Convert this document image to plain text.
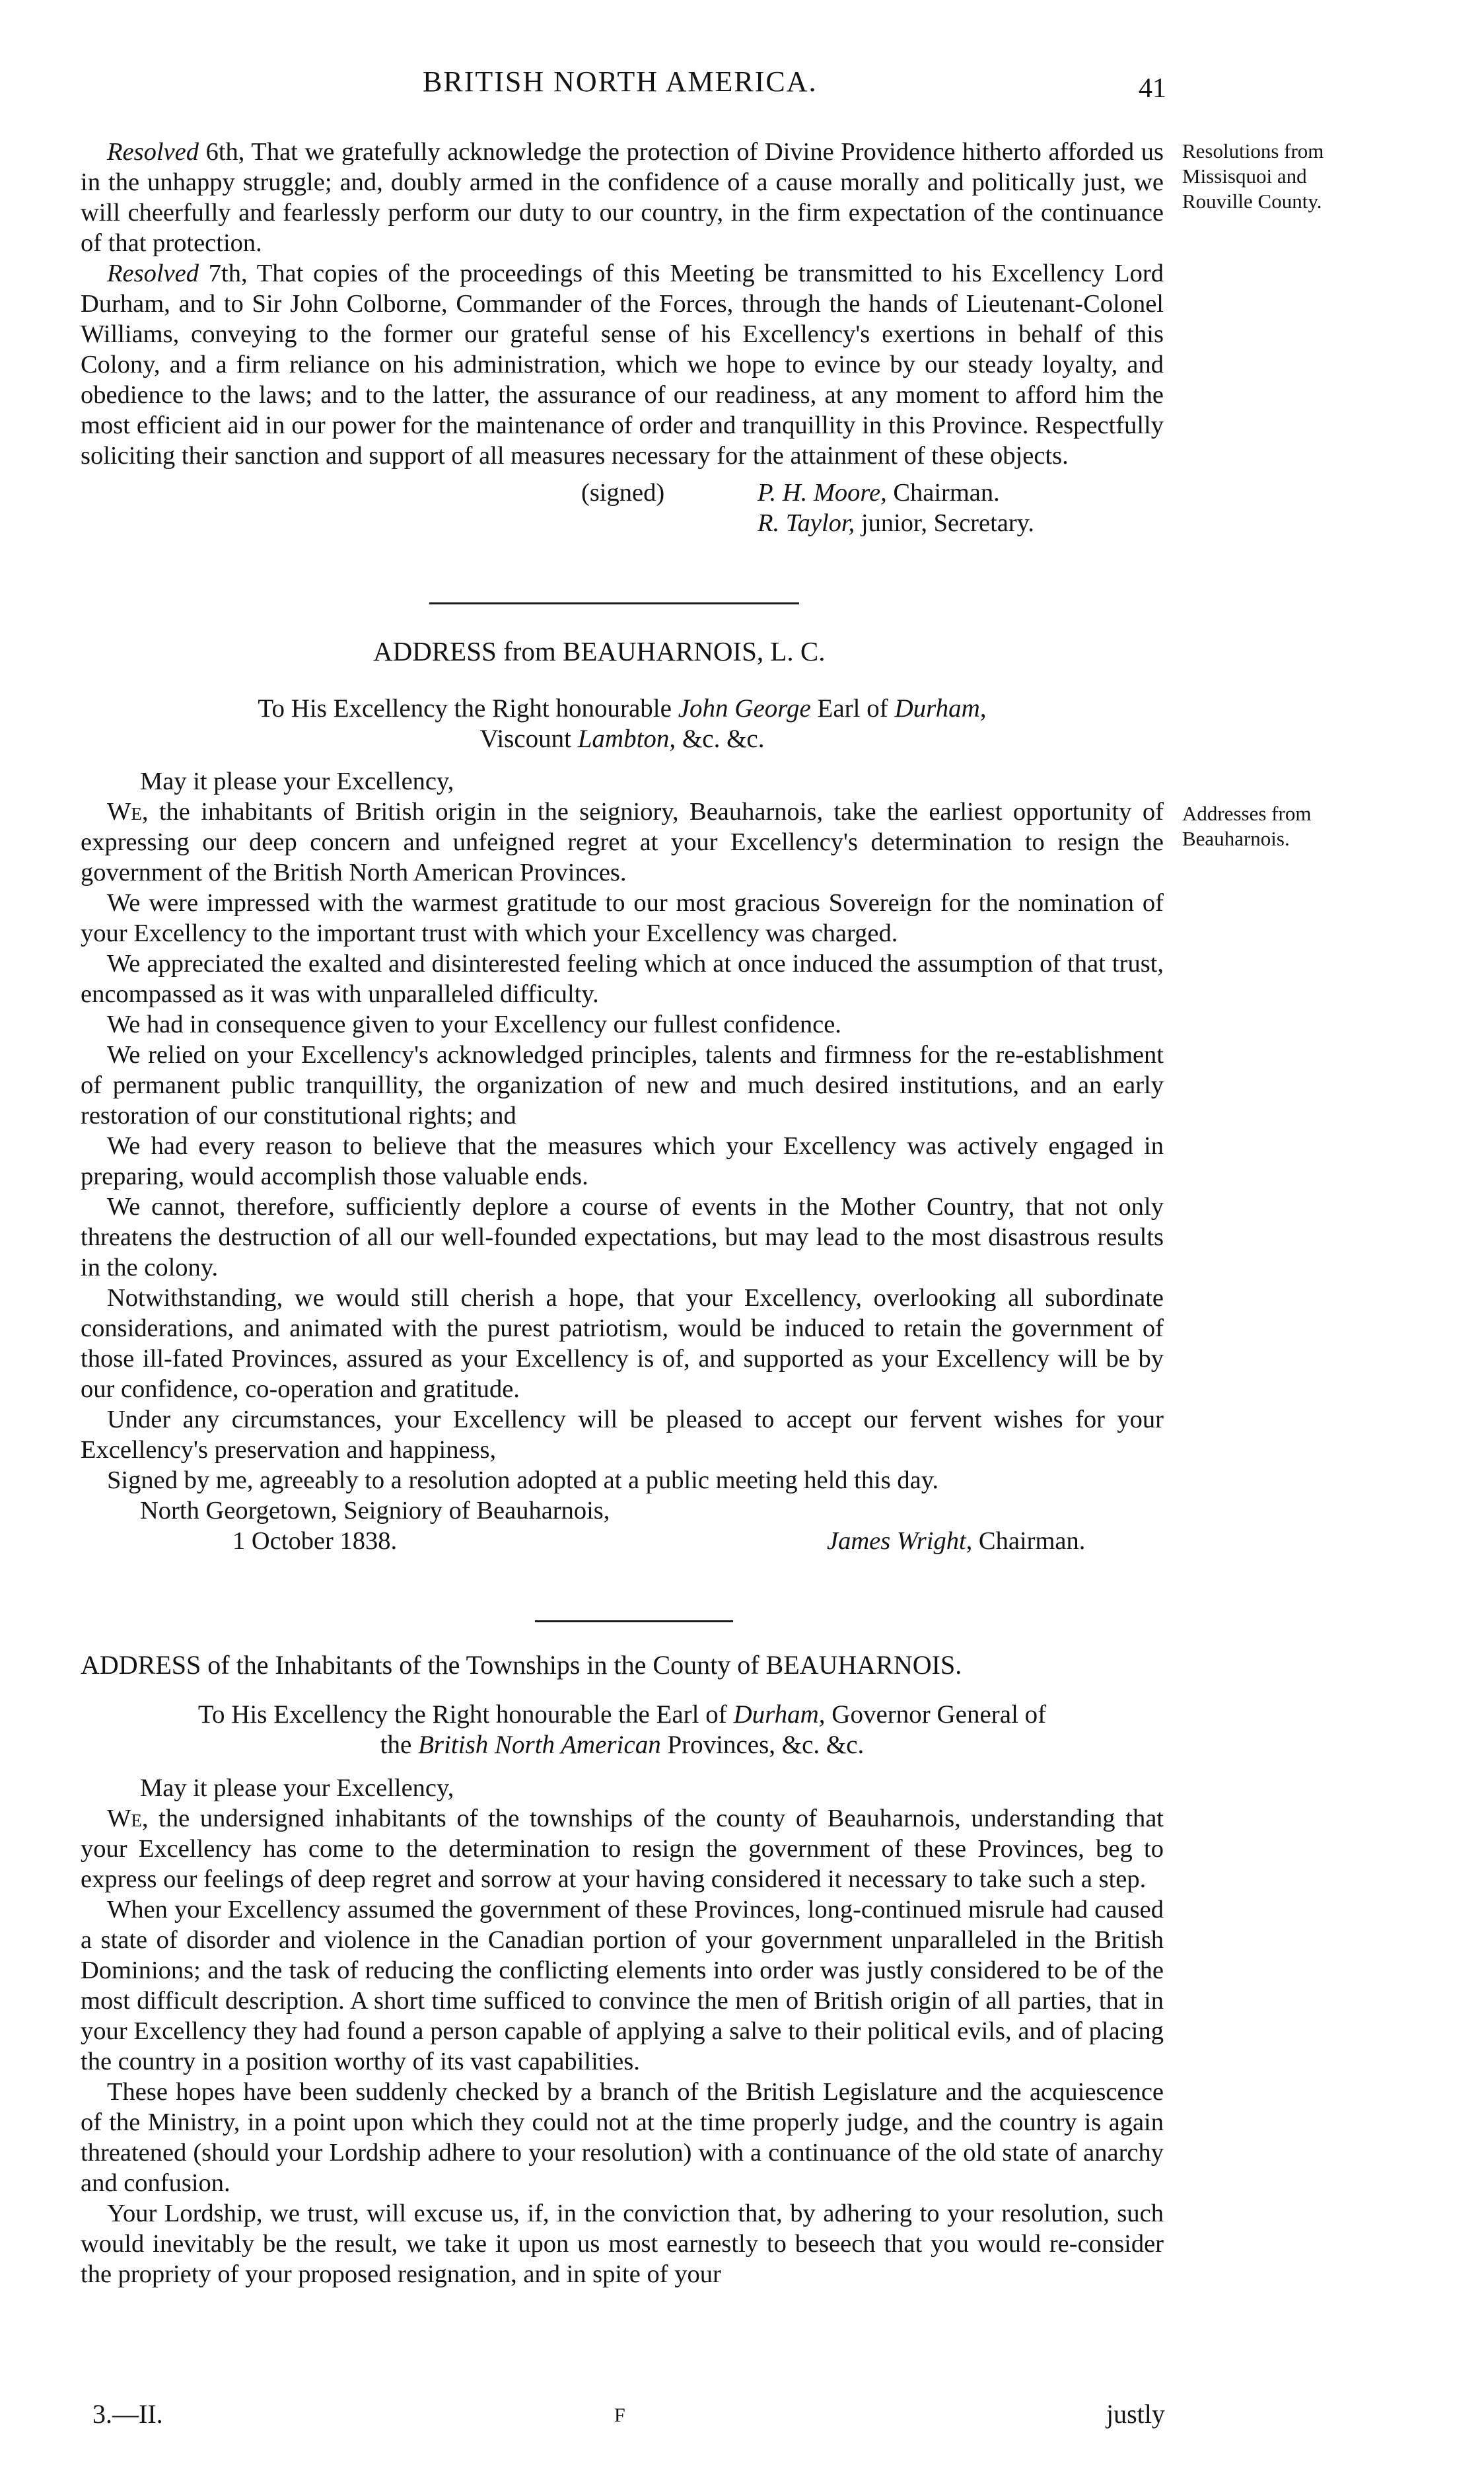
BRITISH NORTH AMERICA.	41
Resolutions from
Missisquoi and
Rouville County.
Addresses from
Beauharnois.

Resolved 6th, That we gratefully acknowledge the protection of Divine Providence hitherto afforded us in the unhappy struggle; and, doubly armed in the confidence of a cause morally and politically just, we will cheerfully and fearlessly perform our duty to our country, in the firm expectation of the continuance of that protection.

Resolved 7th, That copies of the proceedings of this Meeting be transmitted to his Excellency Lord Durham, and to Sir John Colborne, Commander of the Forces, through the hands of Lieutenant-Colonel Williams, conveying to the former our grateful sense of his Excellency's exertions in behalf of this Colony, and a firm reliance on his administration, which we hope to evince by our steady loyalty, and obedience to the laws; and to the latter, the assurance of our readiness, at any moment to afford him the most efficient aid in our power for the maintenance of order and tranquillity in this Province. Respectfully soliciting their sanction and support of all measures necessary for the attainment of these objects.

(signed)	P. H. Moore, Chairman.
R. Taylor, junior, Secretary.
ADDRESS from BEAUHARNOIS, L. C.
To His Excellency the Right honourable John George Earl of Durham,
Viscount Lambton, &c. &c.

May it please your Excellency,

We, the inhabitants of British origin in the seigniory, Beauharnois, take the earliest opportunity of expressing our deep concern and unfeigned regret at your Excellency's determination to resign the government of the British North American Provinces.

We were impressed with the warmest gratitude to our most gracious Sovereign for the nomination of your Excellency to the important trust with which your Excellency was charged.

We appreciated the exalted and disinterested feeling which at once induced the assumption of that trust, encompassed as it was with unparalleled difficulty.

We had in consequence given to your Excellency our fullest confidence.

We relied on your Excellency's acknowledged principles, talents and firmness for the re-establishment of permanent public tranquillity, the organization of new and much desired institutions, and an early restoration of our constitutional rights; and

We had every reason to believe that the measures which your Excellency was actively engaged in preparing, would accomplish those valuable ends.

We cannot, therefore, sufficiently deplore a course of events in the Mother Country, that not only threatens the destruction of all our well-founded expectations, but may lead to the most disastrous results in the colony.

Notwithstanding, we would still cherish a hope, that your Excellency, overlooking all subordinate considerations, and animated with the purest patriotism, would be induced to retain the government of those ill-fated Provinces, assured as your Excellency is of, and supported as your Excellency will be by our confidence, co-operation and gratitude.

Under any circumstances, your Excellency will be pleased to accept our fervent wishes for your Excellency's preservation and happiness,

Signed by me, agreeably to a resolution adopted at a public meeting held this day.

North Georgetown, Seigniory of Beauharnois,
1 October 1838.	James Wright, Chairman.
ADDRESS of the Inhabitants of the Townships in the County of BEAUHARNOIS.
To His Excellency the Right honourable the Earl of Durham, Governor General of
the British North American Provinces, &c. &c.

May it please your Excellency,

We, the undersigned inhabitants of the townships of the county of Beauharnois, understanding that your Excellency has come to the determination to resign the government of these Provinces, beg to express our feelings of deep regret and sorrow at your having considered it necessary to take such a step.

When your Excellency assumed the government of these Provinces, long-continued misrule had caused a state of disorder and violence in the Canadian portion of your government unparalleled in the British Dominions; and the task of reducing the conflicting elements into order was justly considered to be of the most difficult description. A short time sufficed to convince the men of British origin of all parties, that in your Excellency they had found a person capable of applying a salve to their political evils, and of placing the country in a position worthy of its vast capabilities.

These hopes have been suddenly checked by a branch of the British Legislature and the acquiescence of the Ministry, in a point upon which they could not at the time properly judge, and the country is again threatened (should your Lordship adhere to your resolution) with a continuance of the old state of anarchy and confusion.

Your Lordship, we trust, will excuse us, if, in the conviction that, by adhering to your resolution, such would inevitably be the result, we take it upon us most earnestly to beseech that you would re-consider the propriety of your proposed resignation, and in spite of your

3.—II.	F	justly
